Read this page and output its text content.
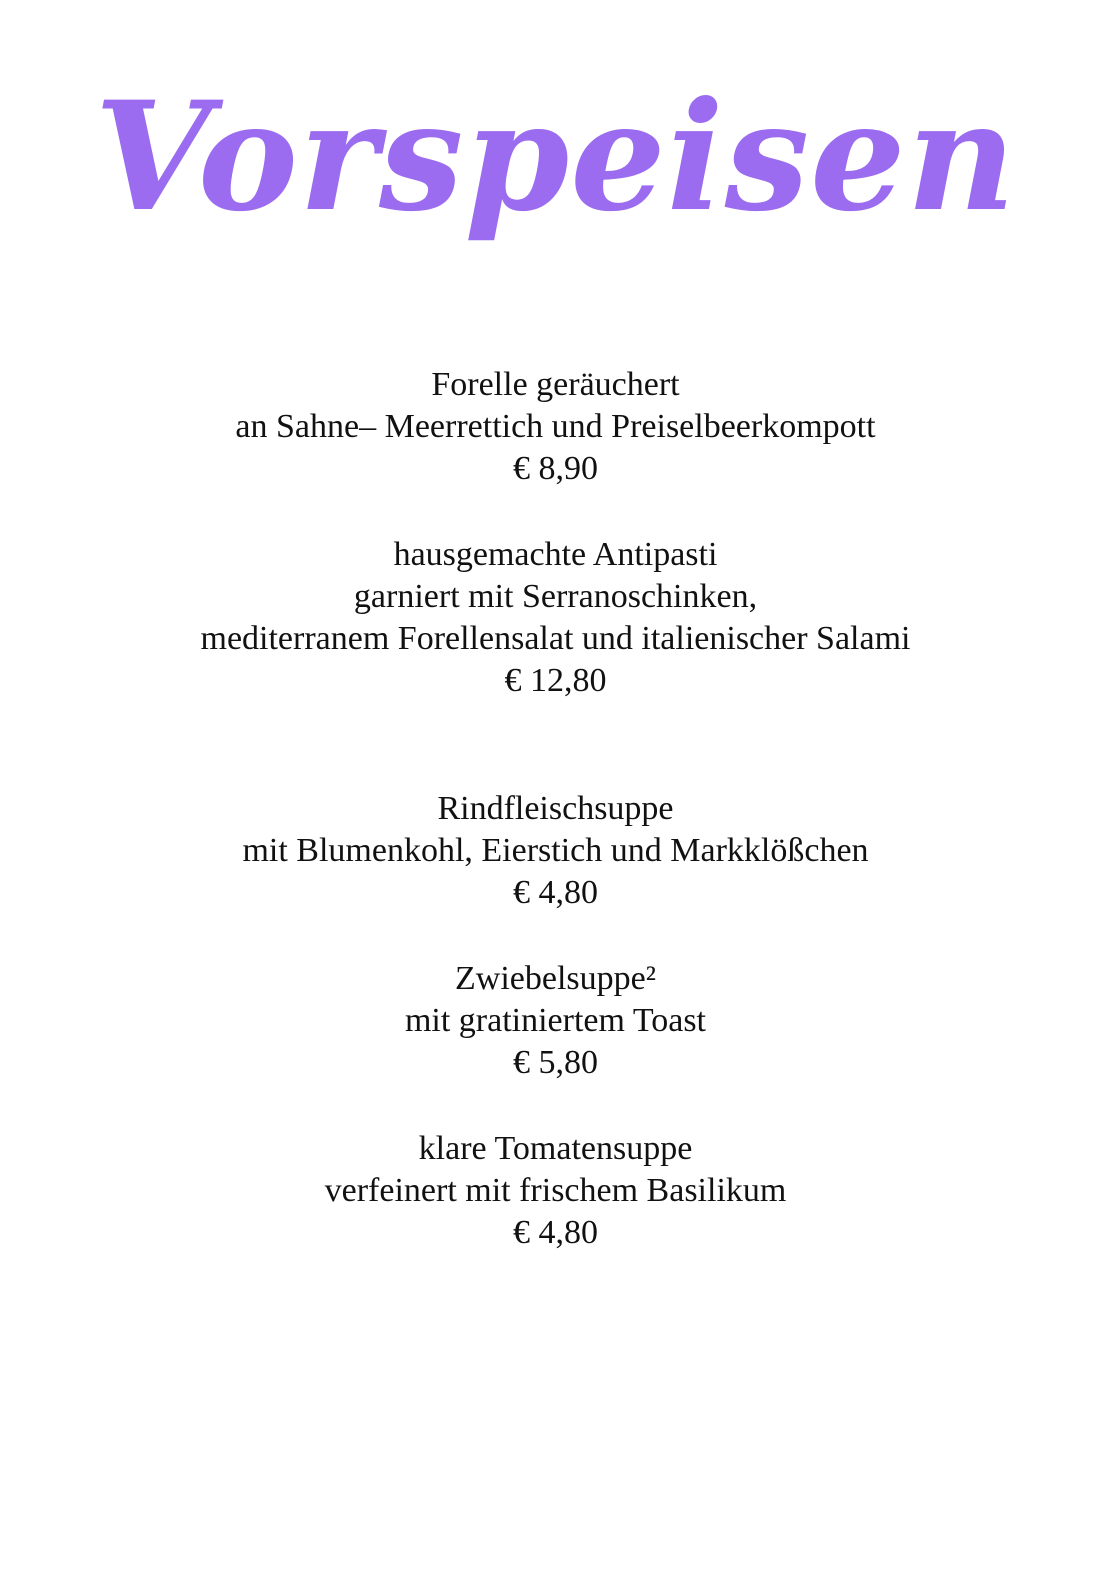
Vorspeisen
Forelle geräuchert
an Sahne– Meerrettich und Preiselbeerkompott
€ 8,90
hausgemachte Antipasti
garniert mit Serranoschinken,
mediterranem Forellensalat und italienischer Salami
€ 12,80
Rindfleischsuppe
mit Blumenkohl, Eierstich und Markklößchen
€ 4,80
Zwiebelsuppe²
mit gratiniertem Toast
€ 5,80
klare Tomatensuppe
verfeinert mit frischem Basilikum
€ 4,80
